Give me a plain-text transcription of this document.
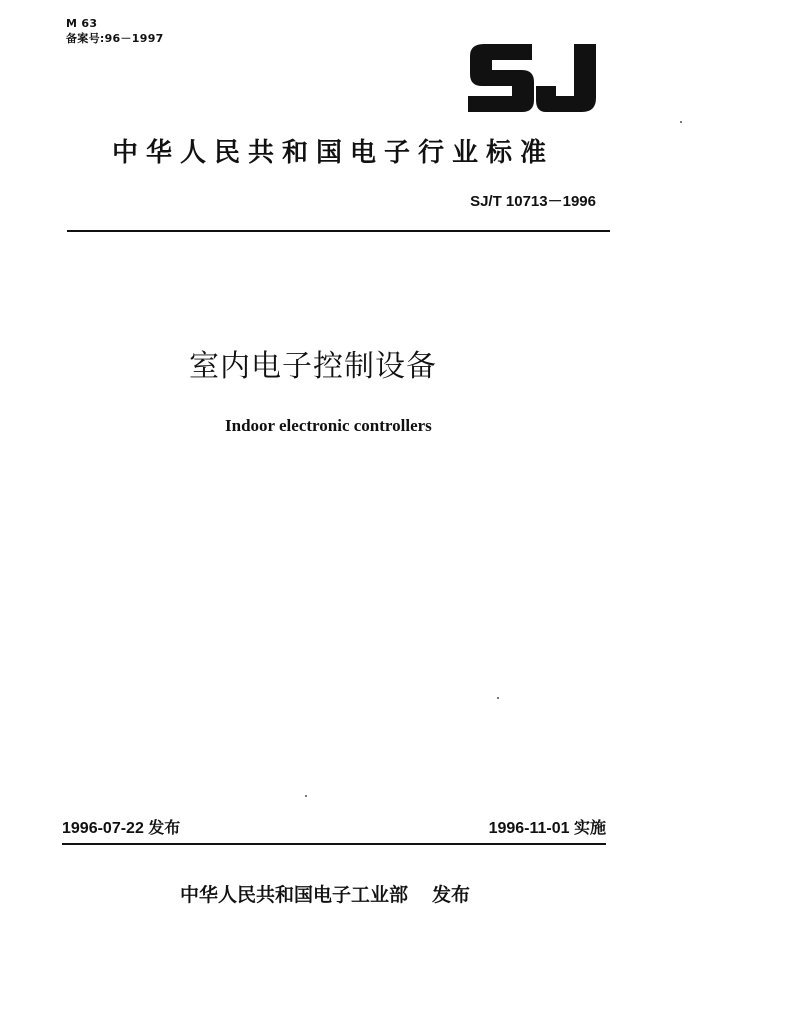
M 63
备案号:96－1997
中华人民共和国电子行业标准
SJ/T 10713－1996
室内电子控制设备
Indoor electronic controllers
1996-07-22 发布	1996-11-01 实施
中华人民共和国电子工业部 发布
